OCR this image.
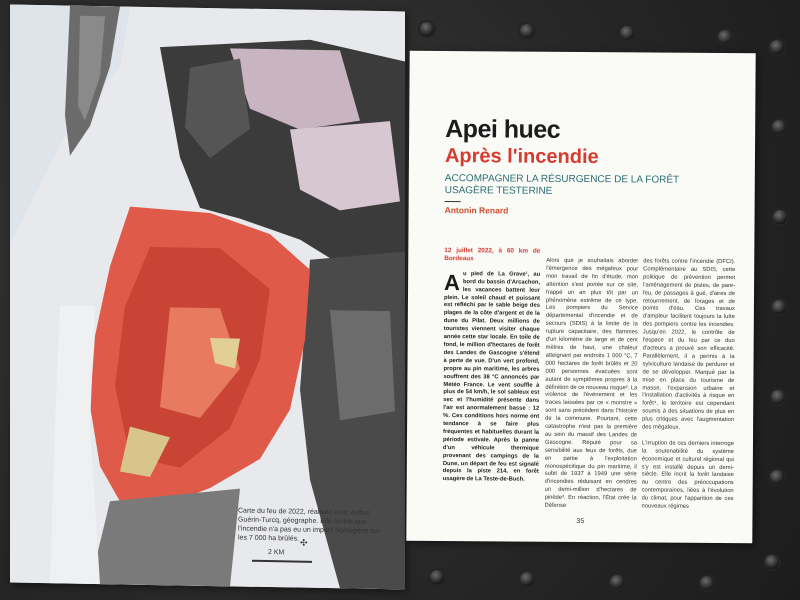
Carte du feu de 2022, réalisée avec Arthur Guérin-Turcq, géographe. Elle révèle que l'incendie n'a pas eu un impact homogène sur les 7 000 ha brûlés. ✣
2 KM
Apei huec
Après l'incendie
ACCOMPAGNER LA RÉSURGENCE DE LA FORÊT USAGÈRE TESTERINE
Antonin Renard
12 juillet 2022, à 60 km de Bordeaux
A u pied de La Grave¹, au bord du bassin d'Arcachon, les vacances battent leur plein. Le soleil chaud et puissant est réfléchi par le sable beige des plages de la côte d'argent et de la dune du Pilat. Deux millions de touristes viennent visiter chaque année cette star locale. En toile de fond, le million d'hectares de forêt des Landes de Gascogne s'étend à perte de vue. D'un vert profond, propre au pin maritime, les arbres souffrent des 38 °C annoncés par Météo France. Le vent souffle à plus de 54 km/h, le sol sableux est sec et l'humidité présente dans l'air est anormalement basse : 12 %. Ces conditions hors norme ont tendance à se faire plus fréquentes et habituelles durant la période estivale. Après la panne d'un véhicule thermique provenant des campings de la Dune, un départ de feu est signalé depuis la piste 214, en forêt usagère de La Teste-de-Buch.
Alors que je souhaitais aborder l'émergence des mégafeux pour mon travail de fin d'étude, mon attention s'est portée sur ce site, frappé un an plus tôt par un phénomène extrême de ce type. Les pompiers du Service départemental d'incendie et de secours (SDIS) à la limite de la rupture capacitaire, des flammes d'un kilomètre de large et de cent mètres de haut, une chaleur atteignant par endroits 1 000 °C, 7 000 hectares de forêt brûlés et 20 000 personnes évacuées sont autant de symptômes propres à la définition de ce nouveau risque². La violence de l'événement et les traces laissées par ce « monstre » sont sans précédent dans l'histoire de la commune. Pourtant, cette catastrophe n'est pas la première au sein du massif des Landes de Gascogne. Réputé pour sa sensibilité aux feux de forêts, due en partie à l'exploitation monospécifique du pin maritime, il subit de 1937 à 1949 une série d'incendies réduisant en cendres un demi-million d'hectares de pinède³. En réaction, l'État crée la Défense
des forêts contre l'incendie (DFCI). Complémentaire au SDIS, cette politique de prévention permet l'aménagement de pistes, de pare-feu, de passages à gué, d'aires de retournement, de forages et de points d'eau. Ces travaux d'ampleur facilitent toujours la lutte des pompiers contre les incendies. Jusqu'en 2022, le contrôle de l'espace et du feu par ce duo d'acteurs a prouvé son efficacité. Parallèlement, il a permis à la sylviculture landaise de perdurer et de se développer. Marqué par la mise en place du tourisme de masse, l'expansion urbaine et l'installation d'activités à risque en forêt⁴, le territoire est cependant soumis à des situations de plus en plus critiques avec l'augmentation des mégafeux.

L'irruption de ces derniers interroge la soutenabilité du système économique et culturel régional qui s'y est installé depuis un demi-siècle. Elle incrit la forêt landaise au centre des préoccupations contemporaines, liées à l'évolution du climat, pour l'apparition de ces nouveaux régimes
35
